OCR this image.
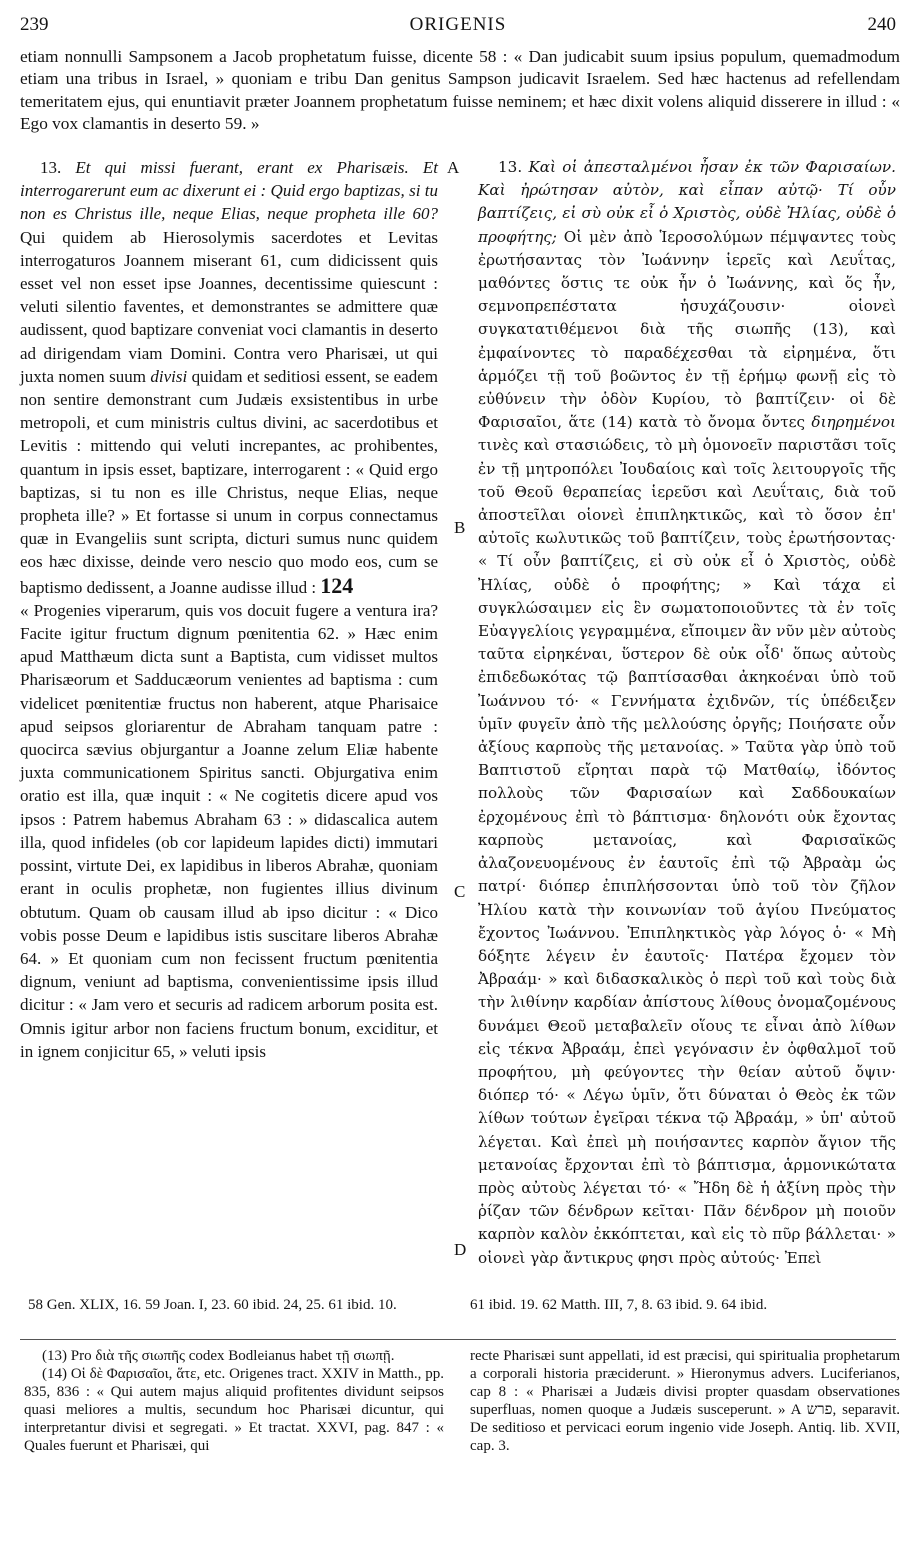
239	ORIGENIS	240

etiam nonnulli Sampsonem a Jacob prophetatum fuisse, dicente 58 : « Dan judicabit suum ipsius populum, quemadmodum etiam una tribus in Israel, » quoniam e tribu Dan genitus Sampson judicavit Israelem. Sed hæc hactenus ad refellendam temeritatem ejus, qui enuntiavit præter Joannem prophetatum fuisse neminem; et hæc dixit volens aliquid disserere in illud : « Ego vox clamantis in deserto 59. »

A
B
C
D

13. Et qui missi fuerant, erant ex Pharisæis. Et interrogarerunt eum ac dixerunt ei : Quid ergo baptizas, si tu non es Christus ille, neque Elias, neque propheta ille 60? Qui quidem ab Hierosolymis sacerdotes et Levitas interrogaturos Joannem miserant 61, cum didicissent quis esset vel non esset ipse Joannes, decentissime quiescunt : veluti silentio faventes, et demonstrantes se admittere quæ audissent, quod baptizare conveniat voci clamantis in deserto ad dirigendam viam Domini. Contra vero Pharisæi, ut qui juxta nomen suum divisi quidam et seditiosi essent, se eadem non sentire demonstrant cum Judæis exsistentibus in urbe metropoli, et cum ministris cultus divini, ac sacerdotibus et Levitis : mittendo qui veluti increpantes, ac prohibentes, quantum in ipsis esset, baptizare, interrogarent : « Quid ergo baptizas, si tu non es ille Christus, neque Elias, neque propheta ille? » Et fortasse si unum in corpus connectamus quæ in Evangeliis sunt scripta, dicturi sumus nunc quidem eos hæc dixisse, deinde vero nescio quo modo eos, cum se baptismo dedissent, a Joanne audisse illud : 124

« Progenies viperarum, quis vos docuit fugere a ventura ira? Facite igitur fructum dignum pœnitentia 62. » Hæc enim apud Matthæum dicta sunt a Baptista, cum vidisset multos Pharisæorum et Sadducæorum venientes ad baptisma : cum videlicet pœnitentiæ fructus non haberent, atque Pharisaice apud seipsos gloriarentur de Abraham tanquam patre : quocirca sævius objurgantur a Joanne zelum Eliæ habente juxta communicationem Spiritus sancti. Objurgativa enim oratio est illa, quæ inquit : « Ne cogitetis dicere apud vos ipsos : Patrem habemus Abraham 63 : » didascalica autem illa, quod infideles (ob cor lapideum lapides dicti) immutari possint, virtute Dei, ex lapidibus in liberos Abrahæ, quoniam erant in oculis prophetæ, non fugientes illius divinum obtutum. Quam ob causam illud ab ipso dicitur : « Dico vobis posse Deum e lapidibus istis suscitare liberos Abrahæ 64. » Et quoniam cum non fecissent fructum pœnitentia dignum, veniunt ad baptisma, convenientissime ipsis illud dicitur : « Jam vero et securis ad radicem arborum posita est. Omnis igitur arbor non faciens fructum bonum, exciditur, et in ignem conjicitur 65, » veluti ipsis

13. Καὶ οἱ ἀπεσταλμένοι ἦσαν ἐκ τῶν Φαρισαίων. Καὶ ἠρώτησαν αὐτὸν, καὶ εἶπαν αὐτῷ· Τί οὖν βαπτίζεις, εἰ σὺ οὐκ εἶ ὁ Χριστὸς, οὐδὲ Ἠλίας, οὐδὲ ὁ προφήτης; Οἱ μὲν ἀπὸ Ἱεροσολύμων πέμψαντες τοὺς ἐρωτήσαντας τὸν Ἰωάννην ἱερεῖς καὶ Λευΐτας, μαθόντες ὅστις τε οὐκ ἦν ὁ Ἰωάννης, καὶ ὅς ἦν, σεμνοπρεπέστατα ἡσυχάζουσιν· οἱονεὶ συγκατατιθέμενοι διὰ τῆς σιωπῆς (13), καὶ ἐμφαίνοντες τὸ παραδέχεσθαι τὰ εἰρημένα, ὅτι ἁρμόζει τῇ τοῦ βοῶντος ἐν τῇ ἐρήμῳ φωνῇ εἰς τὸ εὐθύνειν τὴν ὁδὸν Κυρίου, τὸ βαπτίζειν· οἱ δὲ Φαρισαῖοι, ἅτε (14) κατὰ τὸ ὄνομα ὄντες διηρημένοι τινὲς καὶ στασιώδεις, τὸ μὴ ὁμονοεῖν παριστᾶσι τοῖς ἐν τῇ μητροπόλει Ἰουδαίοις καὶ τοῖς λειτουργοῖς τῆς τοῦ Θεοῦ θεραπείας ἱερεῦσι καὶ Λευΐταις, διὰ τοῦ ἀποστεῖλαι οἱονεὶ ἐπιπληκτικῶς, καὶ τὸ ὅσον ἐπ' αὐτοῖς κωλυτικῶς τοῦ βαπτίζειν, τοὺς ἐρωτήσοντας· « Τί οὖν βαπτίζεις, εἰ σὺ οὐκ εἶ ὁ Χριστὸς, οὐδὲ Ἠλίας, οὐδὲ ὁ προφήτης; » Καὶ τάχα εἰ συγκλώσαιμεν εἰς ἓν σωματοποιοῦντες τὰ ἐν τοῖς Εὐαγγελίοις γεγραμμένα, εἴποιμεν ἂν νῦν μὲν αὐτοὺς ταῦτα εἰρηκέναι, ὕστερον δὲ οὐκ οἶδ' ὅπως αὐτοὺς ἐπιδεδωκότας τῷ βαπτίσασθαι ἀκηκοέναι ὑπὸ τοῦ Ἰωάννου τό· « Γεννήματα ἐχιδνῶν, τίς ὑπέδειξεν ὑμῖν φυγεῖν ἀπὸ τῆς μελλούσης ὀργῆς; Ποιήσατε οὖν ἀξίους καρποὺς τῆς μετανοίας. » Ταῦτα γὰρ ὑπὸ τοῦ Βαπτιστοῦ εἴρηται παρὰ τῷ Ματθαίῳ, ἰδόντος πολλοὺς τῶν Φαρισαίων καὶ Σαδδουκαίων ἐρχομένους ἐπὶ τὸ βάπτισμα· δηλονότι οὐκ ἔχοντας καρποὺς μετανοίας, καὶ Φαρισαϊκῶς ἀλαζονευομένους ἐν ἑαυτοῖς ἐπὶ τῷ Ἀβραὰμ ὡς πατρί· διόπερ ἐπιπλήσσονται ὑπὸ τοῦ τὸν ζῆλον Ἠλίου κατὰ τὴν κοινωνίαν τοῦ ἁγίου Πνεύματος ἔχοντος Ἰωάννου. Ἐπιπληκτικὸς γὰρ λόγος ὁ· « Μὴ δόξητε λέγειν ἐν ἑαυτοῖς· Πατέρα ἔχομεν τὸν Ἀβραάμ· » καὶ διδασκαλικὸς ὁ περὶ τοῦ καὶ τοὺς διὰ τὴν λιθίνην καρδίαν ἀπίστους λίθους ὀνομαζομένους δυνάμει Θεοῦ μεταβαλεῖν οἵους τε εἶναι ἀπὸ λίθων εἰς τέκνα Ἀβραάμ, ἐπεὶ γεγόνασιν ἐν ὀφθαλμοῖ τοῦ προφήτου, μὴ φεύγοντες τὴν θείαν αὐτοῦ ὄψιν· διόπερ τό· « Λέγω ὑμῖν, ὅτι δύναται ὁ Θεὸς ἐκ τῶν λίθων τούτων ἐγεῖραι τέκνα τῷ Ἀβραάμ, » ὑπ' αὐτοῦ λέγεται. Καὶ ἐπεὶ μὴ ποιήσαντες καρπὸν ἄγιον τῆς μετανοίας ἔρχονται ἐπὶ τὸ βάπτισμα, ἁρμονικώτατα πρὸς αὐτοὺς λέγεται τό· « Ἤδη δὲ ἡ ἀξίνη πρὸς τὴν ῥίζαν τῶν δένδρων κεῖται· Πᾶν δένδρον μὴ ποιοῦν καρπὸν καλὸν ἐκκόπτεται, καὶ εἰς τὸ πῦρ βάλλεται· » οἱονεὶ γὰρ ἄντικρυς φησι πρὸς αὐτούς· Ἐπεὶ

58 Gen. XLIX, 16. 59 Joan. I, 23. 60 ibid. 24, 25. 61 ibid. 10.	61 ibid. 19. 62 Matth. III, 7, 8. 63 ibid. 9. 64 ibid.

(13) Pro διὰ τῆς σιωπῆς codex Bodleianus habet τῇ σιωπῇ.

(14) Οἱ δὲ Φαρισαῖοι, ἅτε, etc. Origenes tract. XXIV in Matth., pp. 835, 836 : « Qui autem majus aliquid profitentes dividunt seipsos quasi meliores a multis, secundum hoc Pharisæi dicuntur, qui interpretantur divisi et segregati. » Et tractat. XXVI, pag. 847 : « Quales fuerunt et Pharisæi, qui

recte Pharisæi sunt appellati, id est præcisi, qui spiritualia prophetarum a corporali historia præciderunt. » Hieronymus advers. Luciferianos, cap 8 : « Pharisæi a Judæis divisi propter quasdam observationes superfluas, nomen quoque a Judæis susceperunt. » A פרש, separavit. De seditioso et pervicaci eorum ingenio vide Joseph. Antiq. lib. XVII, cap. 3.
